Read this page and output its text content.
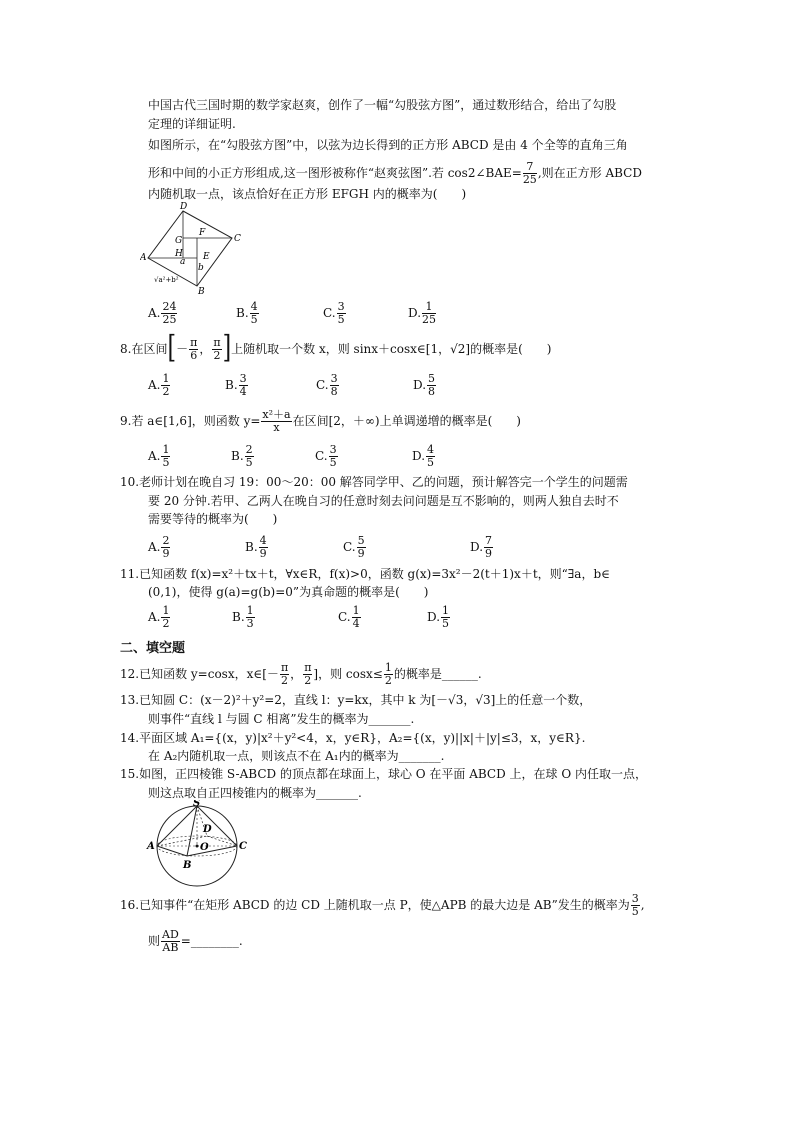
中国古代三国时期的数学家赵爽，创作了一幅“勾股弦方图”，通过数形结合，给出了勾股
定理的详细证明.
如图所示，在“勾股弦方图”中，以弦为边长得到的正方形 ABCD 是由 4 个全等的直角三角
形和中间的小正方形组成,这一图形被称作“赵爽弦图”.若 cos2∠BAE= $\frac{7}{25}$ ,则在正方形 ABCD
内随机取一点，该点恰好在正方形 EFGH 内的概率为(　　)
D
G
F
C
H E
a
b
A
B
√a²+b²
A. $\frac{24}{25}$	B. $\frac{4}{5}$	C. $\frac{3}{5}$	D. $\frac{1}{25}$
8. 在区间 [ － $\frac{\pi}{6}$ ， $\frac{\pi}{2}$ ] 上随机取一个数 x，则 sinx＋cosx∈[1，√2]的概率是(　　)
A. $\frac{1}{2}$	B. $\frac{3}{4}$	C. $\frac{3}{8}$	D. $\frac{5}{8}$
9. 若 a∈[1,6]，则函数 $y= \frac{\text{x²＋a}}{x}$ 在区间[2，＋∞)上单调递增的概率是(　　)
A. $\frac{1}{5}$	B. $\frac{2}{5}$	C. $\frac{3}{5}$	D. $\frac{4}{5}$
10.老师计划在晚自习 19：00～20：00 解答同学甲、乙的问题，预计解答完一个学生的问题需
要 20 分钟.若甲、乙两人在晚自习的任意时刻去问问题是互不影响的，则两人独自去时不
需要等待的概率为(　　)
A. $\frac{2}{9}$	B. $\frac{4}{9}$	C. $\frac{5}{9}$	D. $\frac{7}{9}$
11.已知函数 f(x)=x²＋tx＋t，∀x∈R，f(x)>0，函数 g(x)=3x²－2(t＋1)x＋t，则“∃a，b∈
(0,1)，使得 g(a)=g(b)=0”为真命题的概率是(　　)
A. $\frac{1}{2}$	B. $\frac{1}{3}$	C. $\frac{1}{4}$	D. $\frac{1}{5}$
二、填空题
12.已知函数 y=cosx，x∈[－ $\frac{\pi}{2}$ ， $\frac{\pi}{2}$ ]，则 $\cos x\le \frac{1}{2}$ 的概率是______.
13.已知圆 C：(x－2)²＋y²=2，直线 l：y=kx，其中 k 为[－√3，√3]上的任意一个数，
则事件“直线 l 与圆 C 相离”发生的概率为_______.
14.平面区域 A₁={(x，y)|x²＋y²<4，x，y∈R}，A₂={(x，y)||x|＋|y|≤3，x，y∈R}.
在 A₂内随机取一点，则该点不在 A₁内的概率为_______.
15.如图，正四棱锥 S-ABCD 的顶点都在球面上，球心 O 在平面 ABCD 上，在球 O 内任取一点，
则这点取自正四棱锥内的概率为_______.
S
D
A	O	C
B
16.已知事件“在矩形 ABCD 的边 CD 上随机取一点 P，使△APB 的最大边是 AB”发生的概率为 $\frac{3}{5}$ ,
则 $\frac{AD}{AB}$ =________.
